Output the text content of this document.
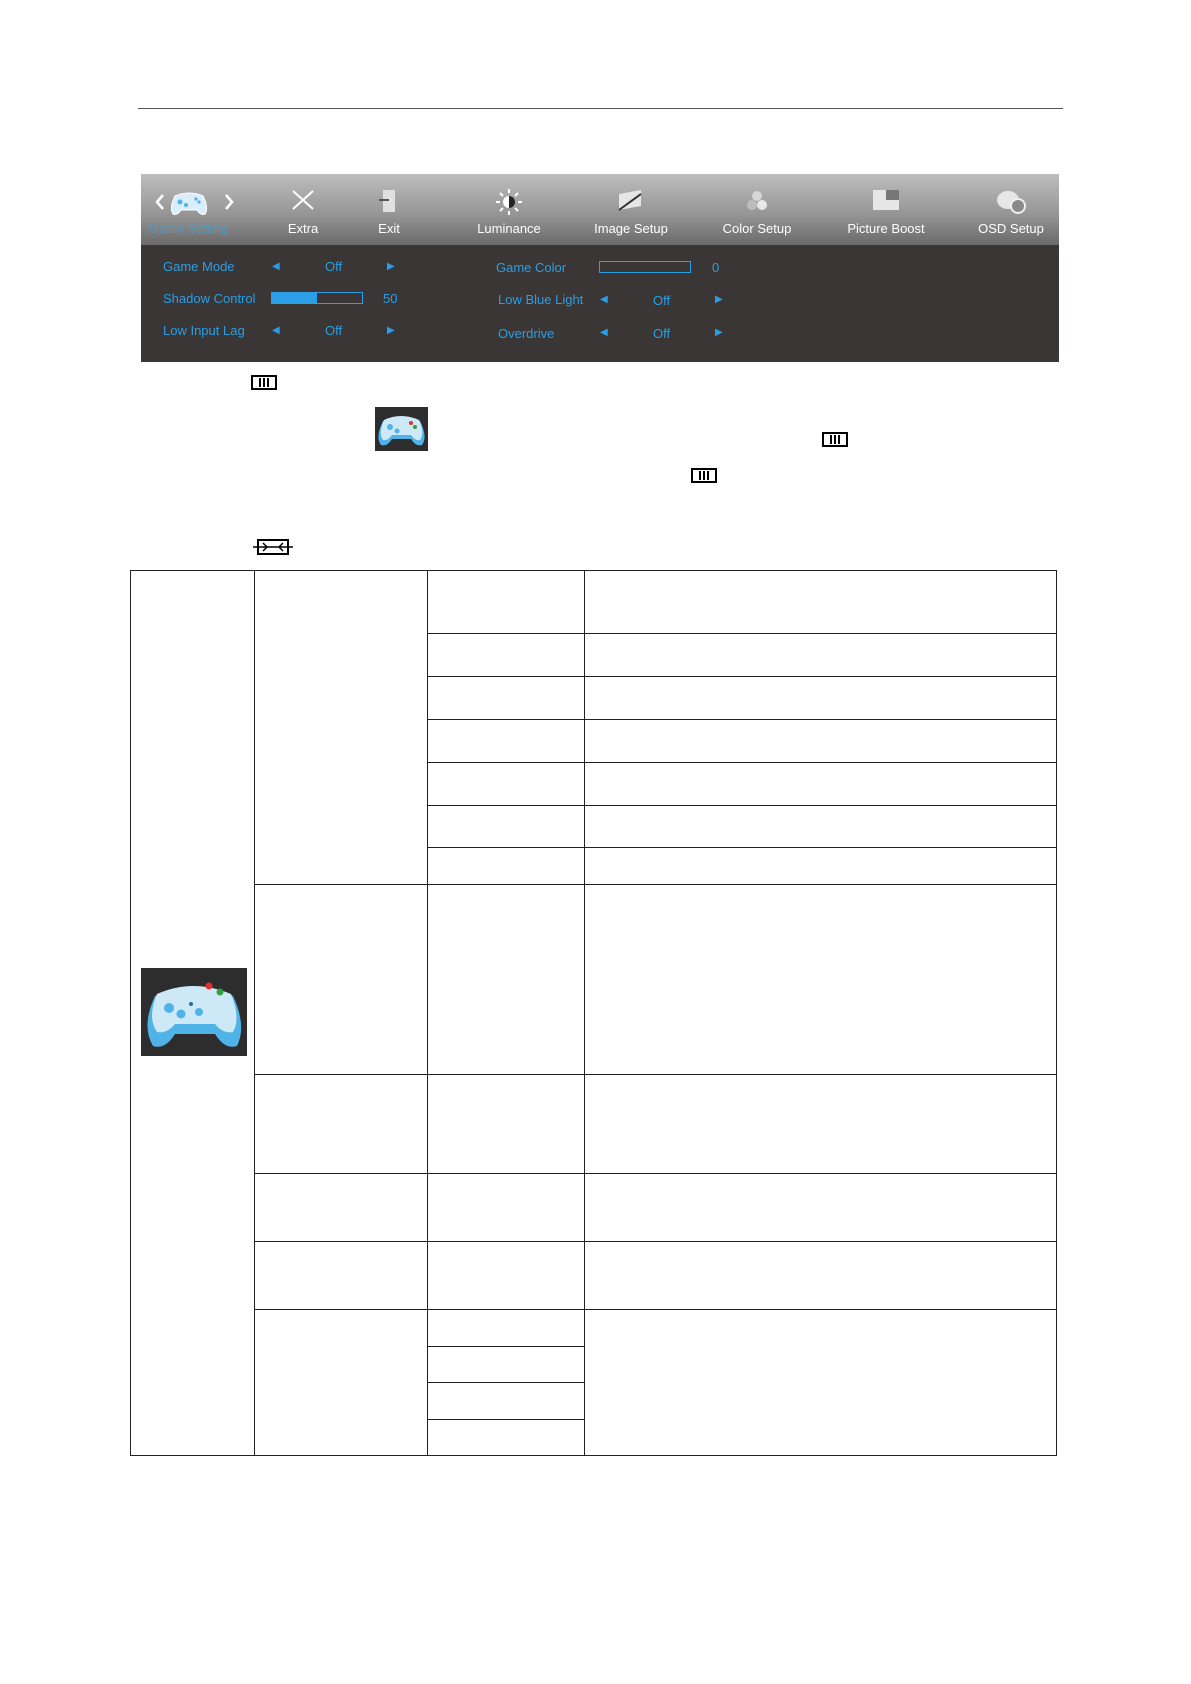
Game Setting	Extra	Exit	Luminance	Image Setup	Color Setup	Picture Boost	OSD Setup
Game Mode	◀	Off	▶
Shadow Control	50
Low Input Lag	◀	Off	▶
Game Color	0
Low Blue Light ◀	Off	▶
Overdrive	◀	Off	▶
